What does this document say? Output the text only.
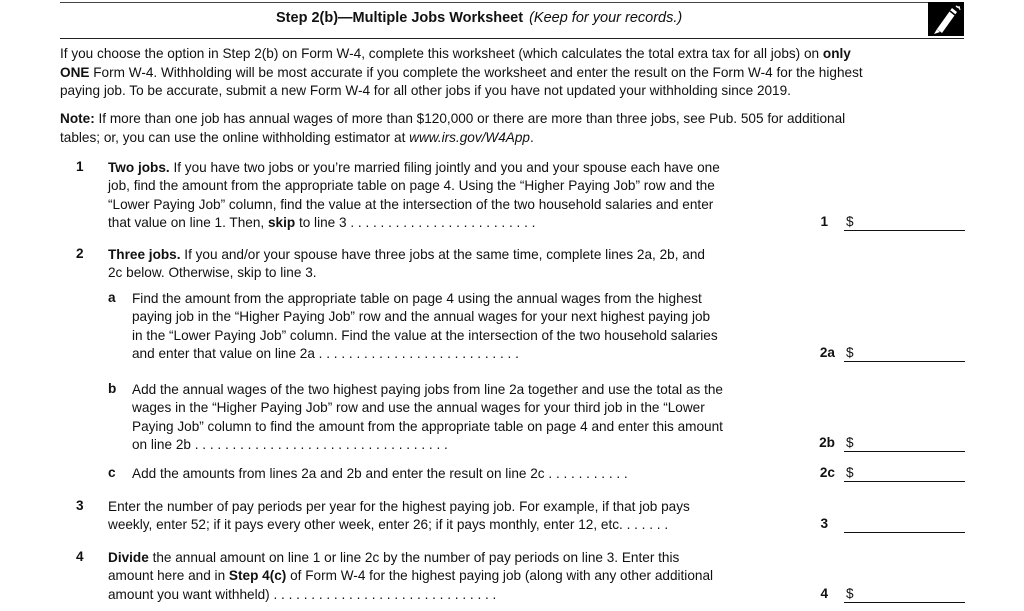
Step 2(b)—Multiple Jobs Worksheet (Keep for your records.)

If you choose the option in Step 2(b) on Form W-4, complete this worksheet (which calculates the total extra tax for all jobs) on only

ONE Form W-4. Withholding will be most accurate if you complete the worksheet and enter the result on the Form W-4 for the highest

paying job. To be accurate, submit a new Form W-4 for all other jobs if you have not updated your withholding since 2019.

Note: If more than one job has annual wages of more than $120,000 or there are more than three jobs, see Pub. 505 for additional

tables; or, you can use the online withholding estimator at www.irs.gov/W4App.

1	Two jobs. If you have two jobs or you’re married filing jointly and you and your spouse each have one

job, find the amount from the appropriate table on page 4. Using the “Higher Paying Job” row and the

“Lower Paying Job” column, find the value at the intersection of the two household salaries and enter

that value on line 1. Then, skip to line 3 . . . . . . . . . . . . . . . . . . . . . . . . .	1 $
2	Three jobs. If you and/or your spouse have three jobs at the same time, complete lines 2a, 2b, and

2c below. Otherwise, skip to line 3.

a	Find the amount from the appropriate table on page 4 using the annual wages from the highest

paying job in the “Higher Paying Job” row and the annual wages for your next highest paying job

in the “Lower Paying Job” column. Find the value at the intersection of the two household salaries

and enter that value on line 2a . . . . . . . . . . . . . . . . . . . . . . . . . . .	2a $
b	Add the annual wages of the two highest paying jobs from line 2a together and use the total as the

wages in the “Higher Paying Job” row and use the annual wages for your third job in the “Lower

Paying Job” column to find the amount from the appropriate table on page 4 and enter this amount

on line 2b . . . . . . . . . . . . . . . . . . . . . . . . . . . . . . . . . .	2b $
c	Add the amounts from lines 2a and 2b and enter the result on line 2c . . . . . . . . . . .	2c $
3	Enter the number of pay periods per year for the highest paying job. For example, if that job pays

weekly, enter 52; if it pays every other week, enter 26; if it pays monthly, enter 12, etc. . . . . . .	3
4	Divide the annual amount on line 1 or line 2c by the number of pay periods on line 3. Enter this

amount here and in Step 4(c) of Form W-4 for the highest paying job (along with any other additional

amount you want withheld) . . . . . . . . . . . . . . . . . . . . . . . . . . . . . .	4 $
